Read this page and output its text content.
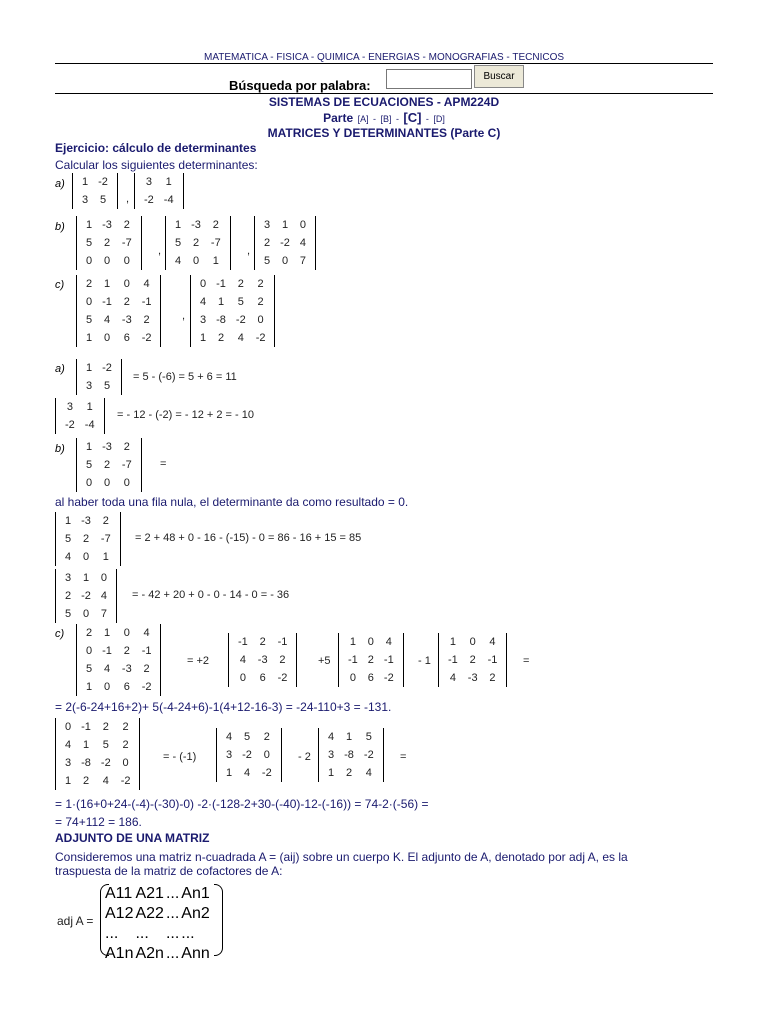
MATEMATICA - FISICA - QUIMICA - ENERGIAS - MONOGRAFIAS - TECNICOS
Búsqueda por palabra:
Buscar
SISTEMAS DE ECUACIONES - APM224D
Parte [A] - [B] - [C] - [D]
MATRICES Y DETERMINANTES (Parte C)
Ejercicio: cálculo de determinantes
Calcular los siguientes determinantes:
a) 1	-2
3	5 ,
3	1
-2	-4
b) 1	-3	2
5	2	-7
0	0	0
,
1	-3	2
5	2	-7
4	0	1
,
3	1	0
2	-2	4
5	0	7
c) 2	1	0	4
0	-1	2	-1
5	4	-3	2
1	0	6	-2
,
0	-1	2	2
4	1	5	2
3	-8	-2	0
1	2	4	-2
a) 1	-2
3	5
= 5 - (-6) = 5 + 6 = 11
3	1
-2	-4
= - 12 - (-2) = - 12 + 2 = - 10
b) 1	-3	2
5	2	-7
0	0	0
=
al haber toda una fila nula, el determinante da como resultado = 0.
1	-3	2
5	2	-7
4	0	1
= 2 + 48 + 0 - 16 - (-15) - 0 = 86 - 16 + 15 = 85
3	1	0
2	-2	4
5	0	7
= - 42 + 20 + 0 - 0 - 14 - 0 = - 36
c) 2	1	0	4
0	-1	2	-1
5	4	-3	2
1	0	6	-2
= +2
-1	2	-1
4	-3	2
0	6	-2
+5
1	0	4
-1	2	-1
0	6	-2
- 1
1	0	4
-1	2	-1
4	-3	2
=
= 2(-6-24+16+2)+ 5(-4-24+6)-1(4+12-16-3) = -24-110+3 = -131.
0	-1	2	2
4	1	5	2
3	-8	-2	0
1	2	4	-2
= - (-1)
4	5	2
3	-2	0
1	4	-2
- 2
4	1	5
3	-8	-2
1	2	4
=
= 1·(16+0+24-(-4)-(-30)-0) -2·(-128-2+30-(-40)-12-(-16)) = 74-2·(-56) =
= 74+112 = 186.
ADJUNTO DE UNA MATRIZ
Consideremos una matriz n-cuadrada A = (aij) sobre un cuerpo K. El adjunto de A, denotado por adj A, es la
traspuesta de la matriz de cofactores de A:
adj A =
A11	A21	...	An1
A12	A22	...	An2
...	...	...	...
A1n	A2n	...	Ann
